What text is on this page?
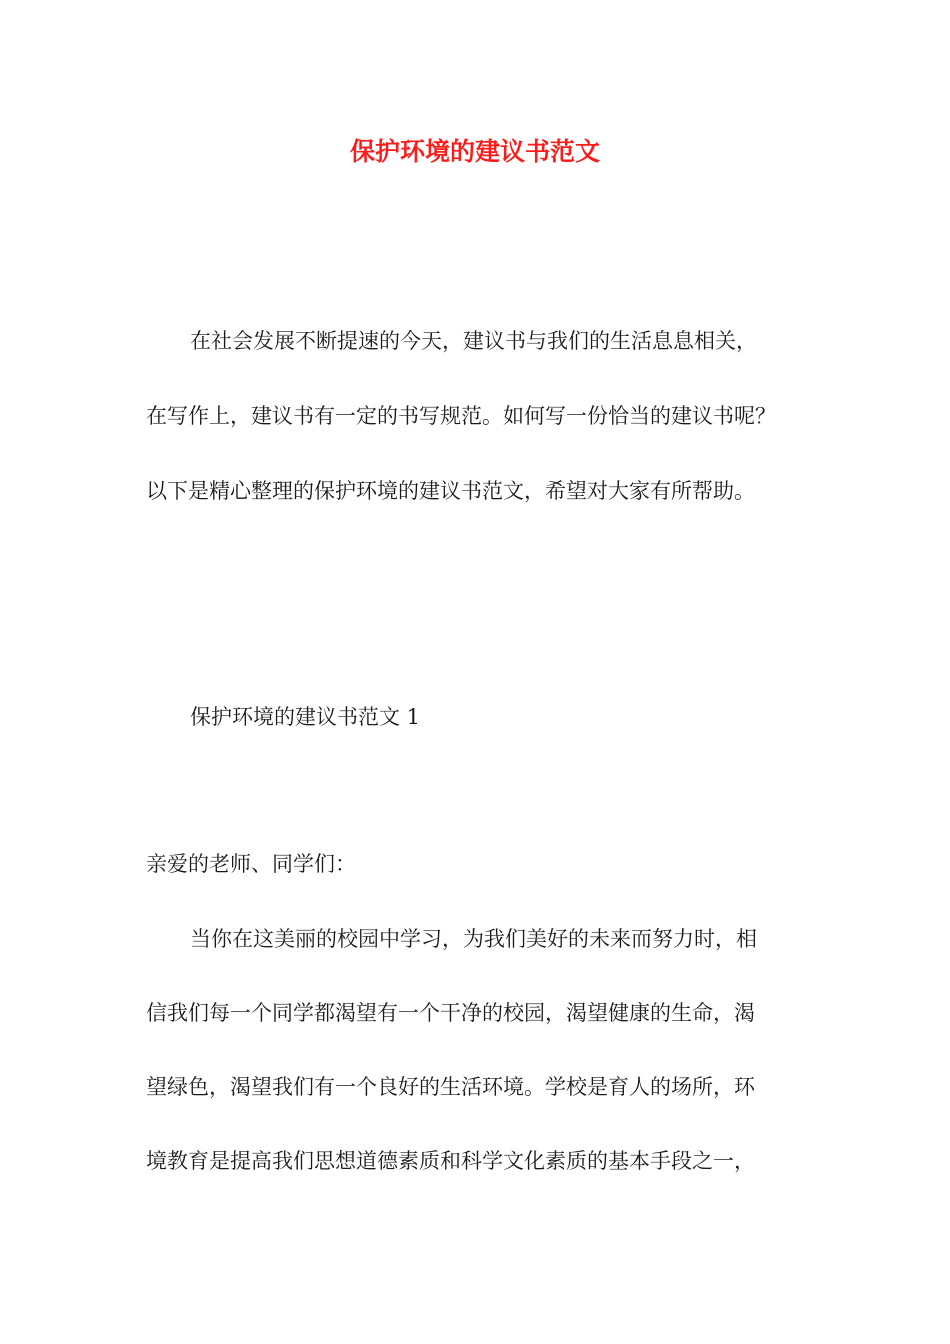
保护环境的建议书范文
在社会发展不断提速的今天，建议书与我们的生活息息相关，
在写作上，建议书有一定的书写规范。如何写一份恰当的建议书呢？
以下是精心整理的保护环境的建议书范文，希望对大家有所帮助。
保护环境的建议书范文 1
亲爱的老师、同学们：
当你在这美丽的校园中学习，为我们美好的未来而努力时，相
信我们每一个同学都渴望有一个干净的校园，渴望健康的生命，渴
望绿色，渴望我们有一个良好的生活环境。学校是育人的场所，环
境教育是提高我们思想道德素质和科学文化素质的基本手段之一，
